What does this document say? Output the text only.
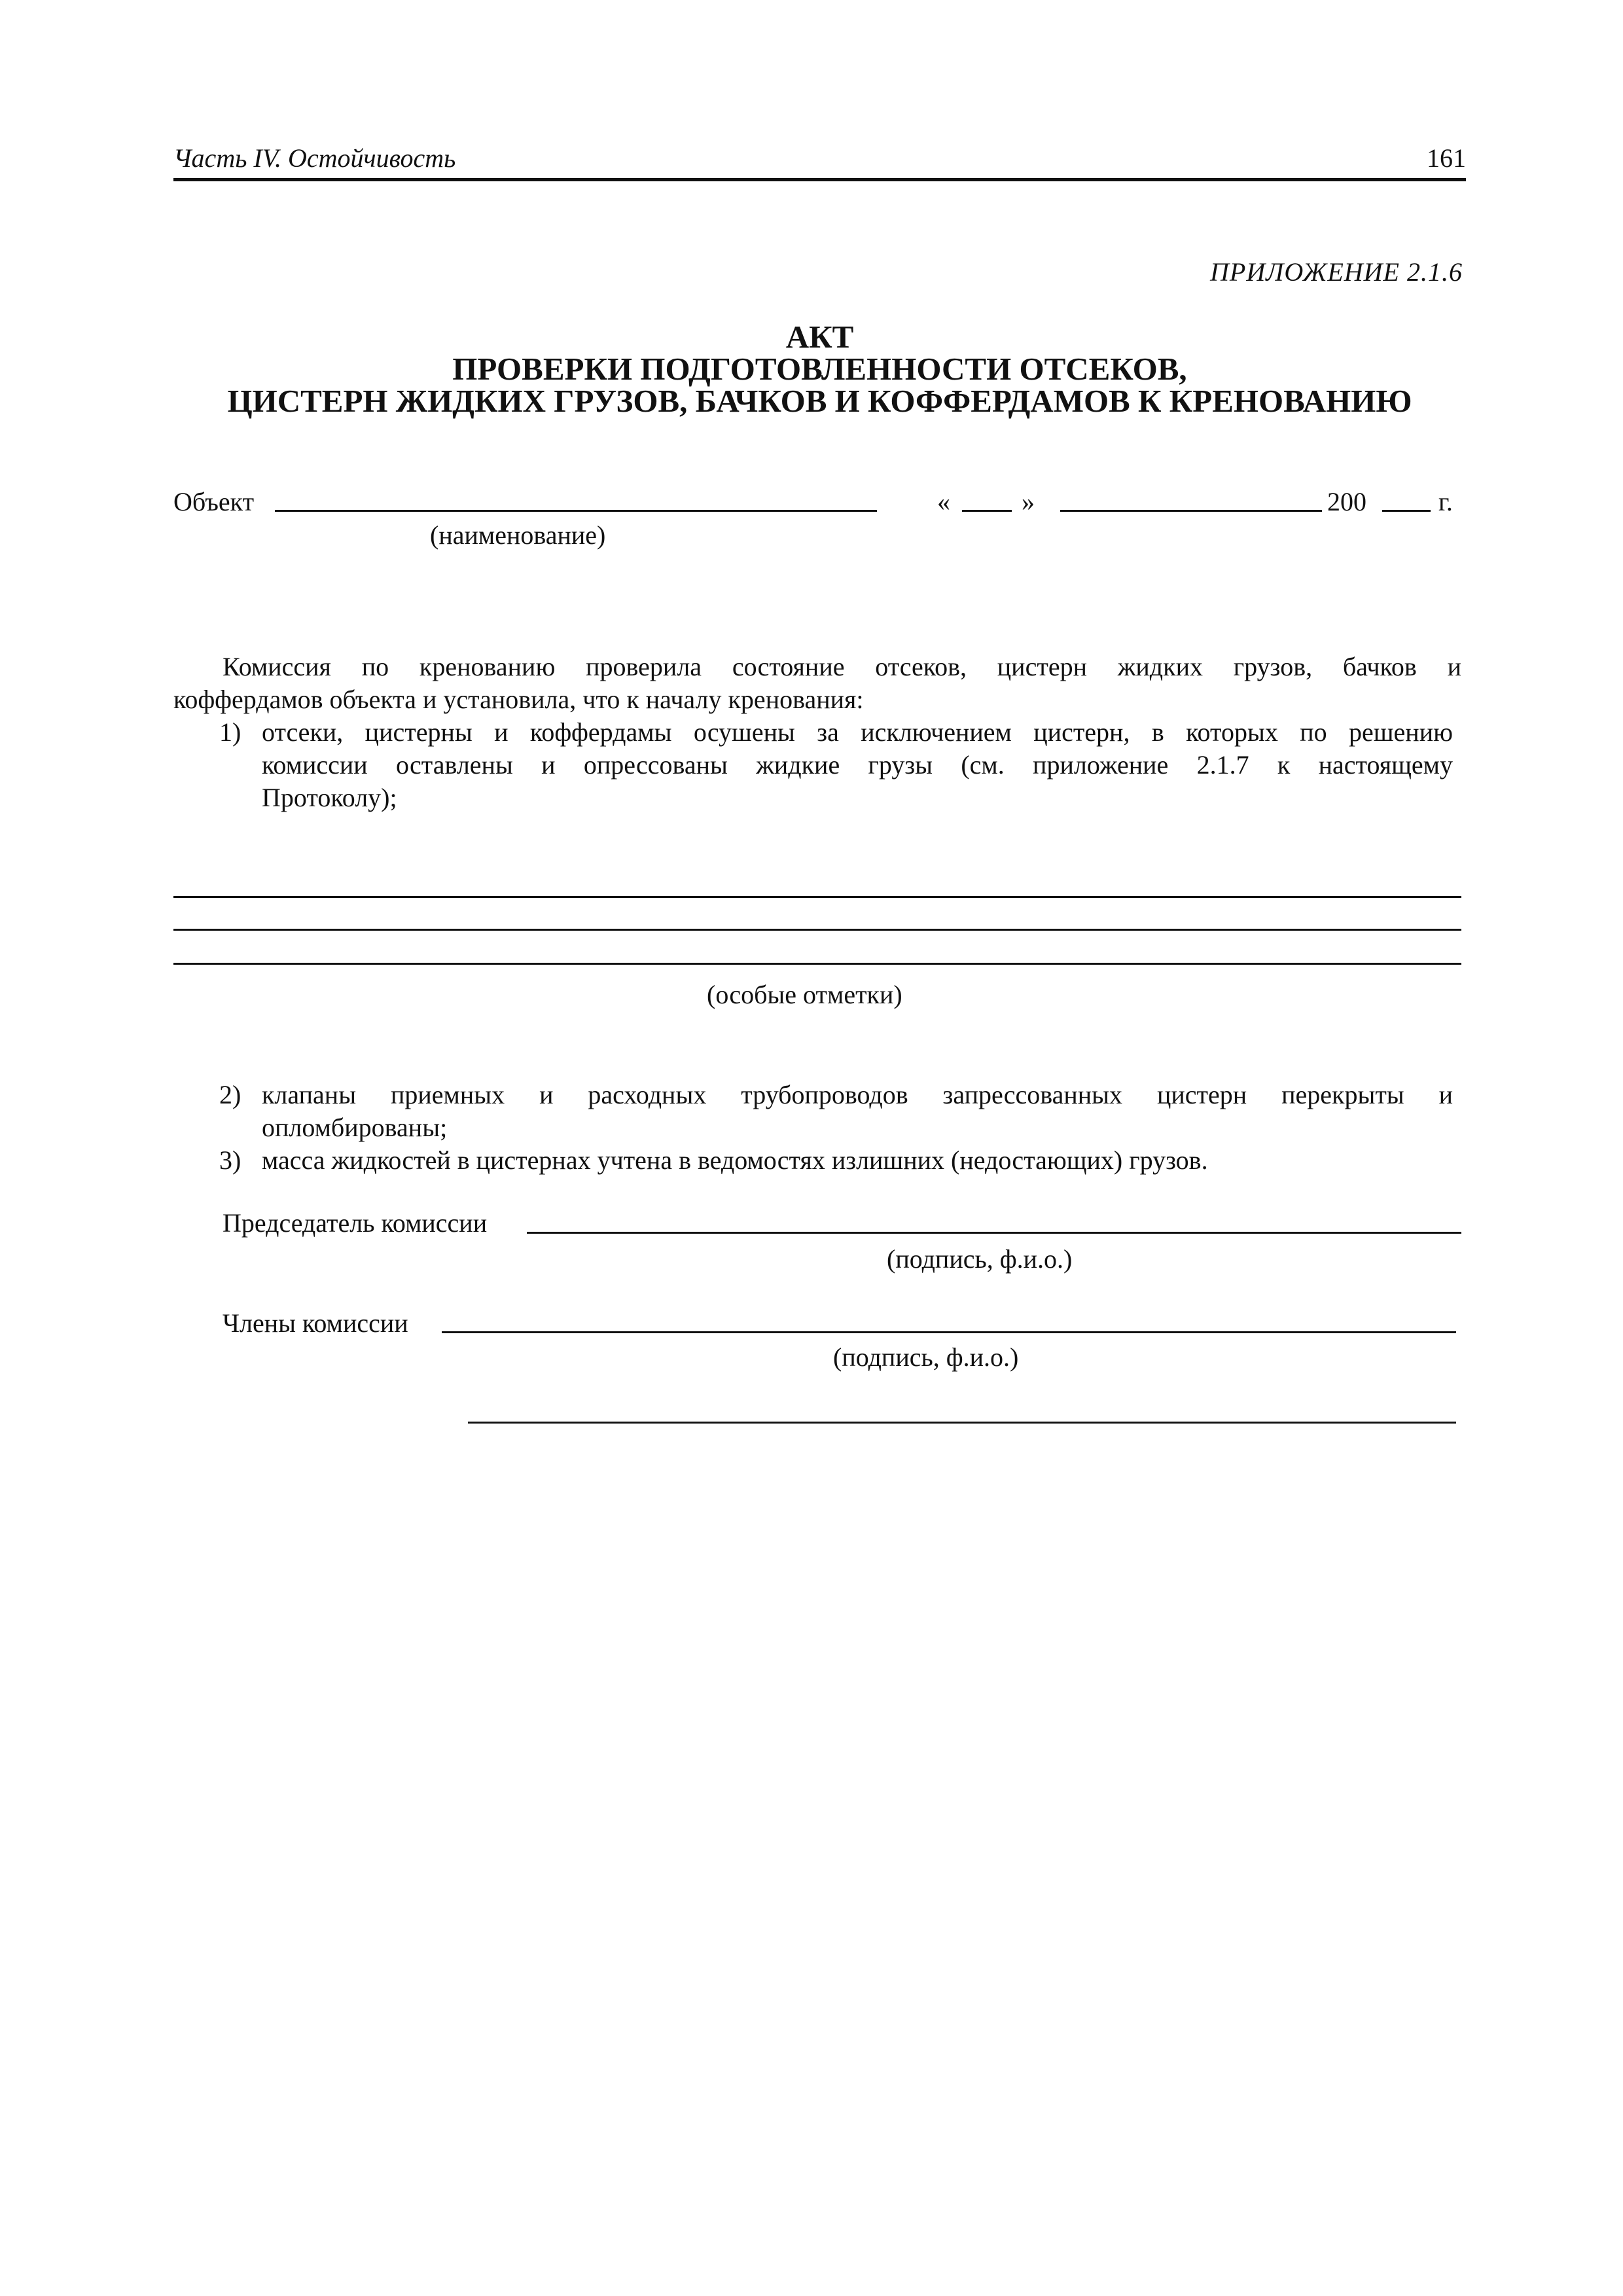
Часть IV. Остойчивость	161
ПРИЛОЖЕНИЕ 2.1.6
АКТ
ПРОВЕРКИ ПОДГОТОВЛЕННОСТИ ОТСЕКОВ,
ЦИСТЕРН ЖИДКИХ ГРУЗОВ, БАЧКОВ И КОФФЕРДАМОВ К КРЕНОВАНИЮ
Объект
(наименование)
«	»	200	г.
Комиссия по кренованию проверила состояние отсеков, цистерн жидких грузов, бачков и
коффердамов объекта и установила, что к началу кренования:
1) отсеки, цистерны и коффердамы осушены за исключением цистерн, в которых по решению
комиссии оставлены и опрессованы жидкие грузы (см. приложение 2.1.7 к настоящему
Протоколу);
(особые отметки)
2) клапаны приемных и расходных трубопроводов запрессованных цистерн перекрыты и
опломбированы;
3) масса жидкостей в цистернах учтена в ведомостях излишних (недостающих) грузов.
Председатель комиссии
(подпись, ф.и.о.)
Члены комиссии
(подпись, ф.и.о.)
